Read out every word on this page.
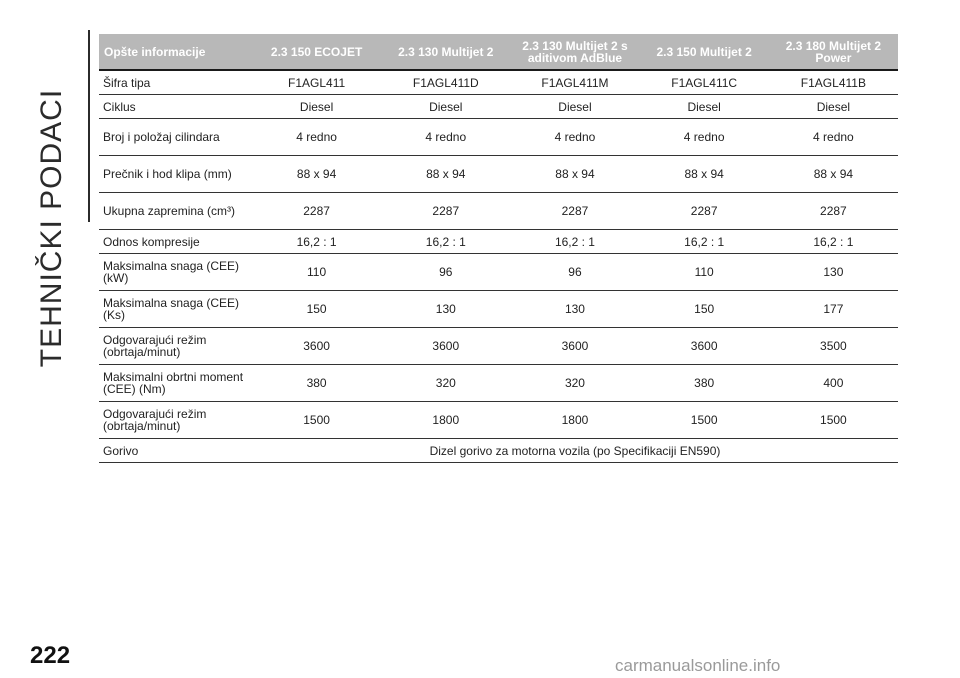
TEHNIČKI PODACI
Opšte informacije	2.3 150 ECOJET	2.3 130 Multijet 2	2.3 130 Multijet 2 s aditivom AdBlue	2.3 150 Multijet 2	2.3 180 Multijet 2 Power
Šifra tipa	F1AGL411	F1AGL411D	F1AGL411M	F1AGL411C	F1AGL411B
Ciklus	Diesel	Diesel	Diesel	Diesel	Diesel
Broj i položaj cilindara	4 redno	4 redno	4 redno	4 redno	4 redno
Prečnik i hod klipa (mm)	88 x 94	88 x 94	88 x 94	88 x 94	88 x 94
Ukupna zapremina (cm³)	2287	2287	2287	2287	2287
Odnos kompresije	16,2 : 1	16,2 : 1	16,2 : 1	16,2 : 1	16,2 : 1
Maksimalna snaga (CEE) (kW)	110	96	96	110	130
Maksimalna snaga (CEE) (Ks)	150	130	130	150	177
Odgovarajući režim (obrtaja/minut)	3600	3600	3600	3600	3500
Maksimalni obrtni moment (CEE) (Nm)	380	320	320	380	400
Odgovarajući režim (obrtaja/minut)	1500	1800	1800	1500	1500
Gorivo	Dizel gorivo za motorna vozila (po Specifikaciji EN590)				
222	carmanualsonline.info
